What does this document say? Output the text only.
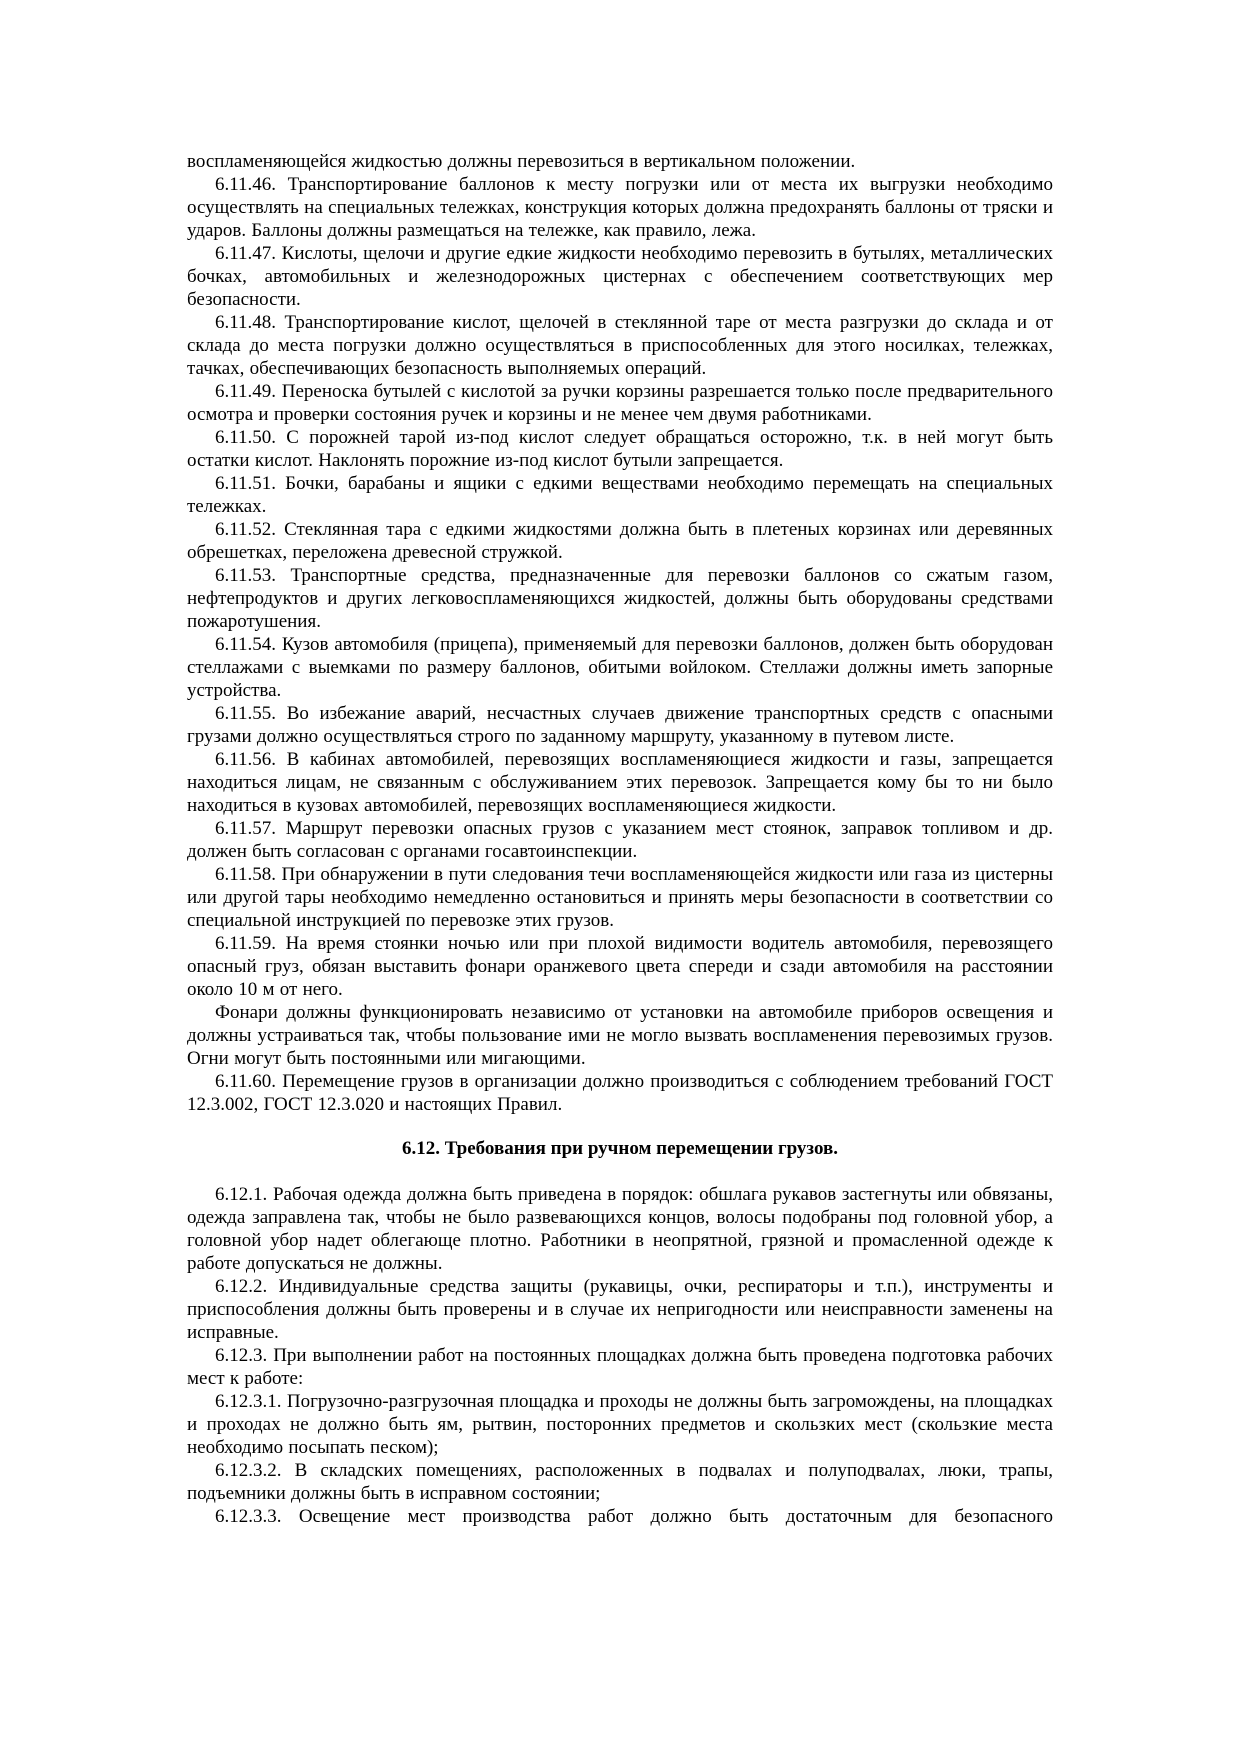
воспламеняющейся жидкостью должны перевозиться в вертикальном положении.

6.11.46. Транспортирование баллонов к месту погрузки или от места их выгрузки необходимо осуществлять на специальных тележках, конструкция которых должна предохранять баллоны от тряски и ударов. Баллоны должны размещаться на тележке, как правило, лежа.

6.11.47. Кислоты, щелочи и другие едкие жидкости необходимо перевозить в бутылях, металлических бочках, автомобильных и железнодорожных цистернах с обеспечением соответствующих мер безопасности.

6.11.48. Транспортирование кислот, щелочей в стеклянной таре от места разгрузки до склада и от склада до места погрузки должно осуществляться в приспособленных для этого носилках, тележках, тачках, обеспечивающих безопасность выполняемых операций.

6.11.49. Переноска бутылей с кислотой за ручки корзины разрешается только после предварительного осмотра и проверки состояния ручек и корзины и не менее чем двумя работниками.

6.11.50. С порожней тарой из-под кислот следует обращаться осторожно, т.к. в ней могут быть остатки кислот. Наклонять порожние из-под кислот бутыли запрещается.

6.11.51. Бочки, барабаны и ящики с едкими веществами необходимо перемещать на специальных тележках.

6.11.52. Стеклянная тара с едкими жидкостями должна быть в плетеных корзинах или деревянных обрешетках, переложена древесной стружкой.

6.11.53. Транспортные средства, предназначенные для перевозки баллонов со сжатым газом, нефтепродуктов и других легковоспламеняющихся жидкостей, должны быть оборудованы средствами пожаротушения.

6.11.54. Кузов автомобиля (прицепа), применяемый для перевозки баллонов, должен быть оборудован стеллажами с выемками по размеру баллонов, обитыми войлоком. Стеллажи должны иметь запорные устройства.

6.11.55. Во избежание аварий, несчастных случаев движение транспортных средств с опасными грузами должно осуществляться строго по заданному маршруту, указанному в путевом листе.

6.11.56. В кабинах автомобилей, перевозящих воспламеняющиеся жидкости и газы, запрещается находиться лицам, не связанным с обслуживанием этих перевозок. Запрещается кому бы то ни было находиться в кузовах автомобилей, перевозящих воспламеняющиеся жидкости.

6.11.57. Маршрут перевозки опасных грузов с указанием мест стоянок, заправок топливом и др. должен быть согласован с органами госавтоинспекции.

6.11.58. При обнаружении в пути следования течи воспламеняющейся жидкости или газа из цистерны или другой тары необходимо немедленно остановиться и принять меры безопасности в соответствии со специальной инструкцией по перевозке этих грузов.

6.11.59. На время стоянки ночью или при плохой видимости водитель автомобиля, перевозящего опасный груз, обязан выставить фонари оранжевого цвета спереди и сзади автомобиля на расстоянии около 10 м от него.

Фонари должны функционировать независимо от установки на автомобиле приборов освещения и должны устраиваться так, чтобы пользование ими не могло вызвать воспламенения перевозимых грузов. Огни могут быть постоянными или мигающими.

6.11.60. Перемещение грузов в организации должно производиться с соблюдением требований ГОСТ 12.3.002, ГОСТ 12.3.020 и настоящих Правил.

6.12. Требования при ручном перемещении грузов.

6.12.1. Рабочая одежда должна быть приведена в порядок: обшлага рукавов застегнуты или обвязаны, одежда заправлена так, чтобы не было развевающихся концов, волосы подобраны под головной убор, а головной убор надет облегающе плотно. Работники в неопрятной, грязной и промасленной одежде к работе допускаться не должны.

6.12.2. Индивидуальные средства защиты (рукавицы, очки, респираторы и т.п.), инструменты и приспособления должны быть проверены и в случае их непригодности или неисправности заменены на исправные.

6.12.3. При выполнении работ на постоянных площадках должна быть проведена подготовка рабочих мест к работе:

6.12.3.1. Погрузочно-разгрузочная площадка и проходы не должны быть загромождены, на площадках и проходах не должно быть ям, рытвин, посторонних предметов и скользких мест (скользкие места необходимо посыпать песком);

6.12.3.2. В складских помещениях, расположенных в подвалах и полуподвалах, люки, трапы, подъемники должны быть в исправном состоянии;

6.12.3.3. Освещение мест производства работ должно быть достаточным для безопасного
